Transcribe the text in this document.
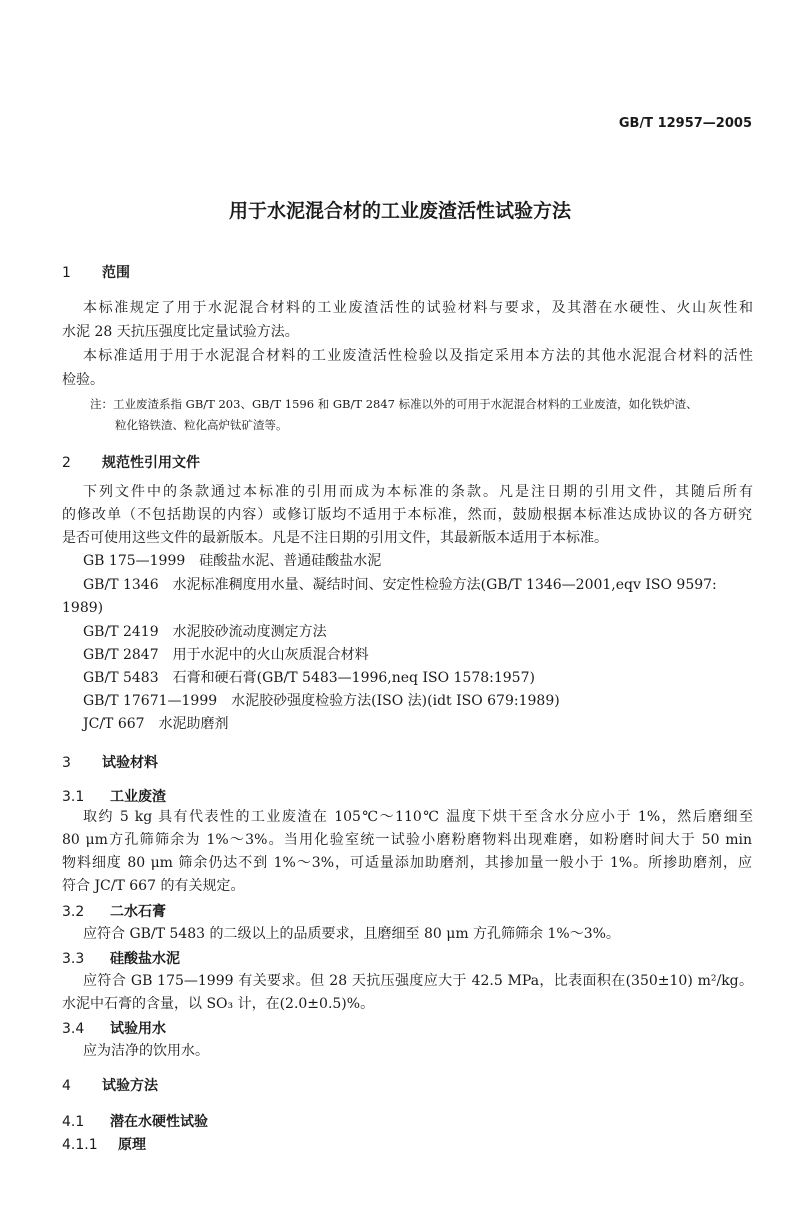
GB/T 12957—2005
用于水泥混合材的工业废渣活性试验方法
1 范围
本标准规定了用于水泥混合材料的工业废渣活性的试验材料与要求，及其潜在水硬性、火山灰性和
水泥 28 天抗压强度比定量试验方法。
本标准适用于用于水泥混合材料的工业废渣活性检验以及指定采用本方法的其他水泥混合材料的活性
检验。
注：工业废渣系指 GB/T 203、GB/T 1596 和 GB/T 2847 标准以外的可用于水泥混合材料的工业废渣，如化铁炉渣、
粒化铬铁渣、粒化高炉钛矿渣等。
2 规范性引用文件
下列文件中的条款通过本标准的引用而成为本标准的条款。凡是注日期的引用文件，其随后所有
的修改单（不包括勘误的内容）或修订版均不适用于本标准，然而，鼓励根据本标准达成协议的各方研究
是否可使用这些文件的最新版本。凡是不注日期的引用文件，其最新版本适用于本标准。
GB 175—1999 硅酸盐水泥、普通硅酸盐水泥
GB/T 1346 水泥标准稠度用水量、凝结时间、安定性检验方法(GB/T 1346—2001,eqv ISO 9597:
1989)
GB/T 2419 水泥胶砂流动度测定方法
GB/T 2847 用于水泥中的火山灰质混合材料
GB/T 5483 石膏和硬石膏(GB/T 5483—1996,neq ISO 1578:1957)
GB/T 17671—1999 水泥胶砂强度检验方法(ISO 法)(idt ISO 679:1989)
JC/T 667 水泥助磨剂
3 试验材料
3.1 工业废渣
取约 5 kg 具有代表性的工业废渣在 105℃～110℃ 温度下烘干至含水分应小于 1%，然后磨细至
80 μm方孔筛筛余为 1%～3%。当用化验室统一试验小磨粉磨物料出现难磨，如粉磨时间大于 50 min
物料细度 80 μm 筛余仍达不到 1%～3%，可适量添加助磨剂，其掺加量一般小于 1%。所掺助磨剂，应
符合 JC/T 667 的有关规定。
3.2 二水石膏
应符合 GB/T 5483 的二级以上的品质要求，且磨细至 80 μm 方孔筛筛余 1%～3%。
3.3 硅酸盐水泥
应符合 GB 175—1999 有关要求。但 28 天抗压强度应大于 42.5 MPa，比表面积在(350±10) m²/kg。
水泥中石膏的含量，以 SO₃ 计，在(2.0±0.5)%。
3.4 试验用水
应为洁净的饮用水。
4 试验方法
4.1 潜在水硬性试验
4.1.1 原理
